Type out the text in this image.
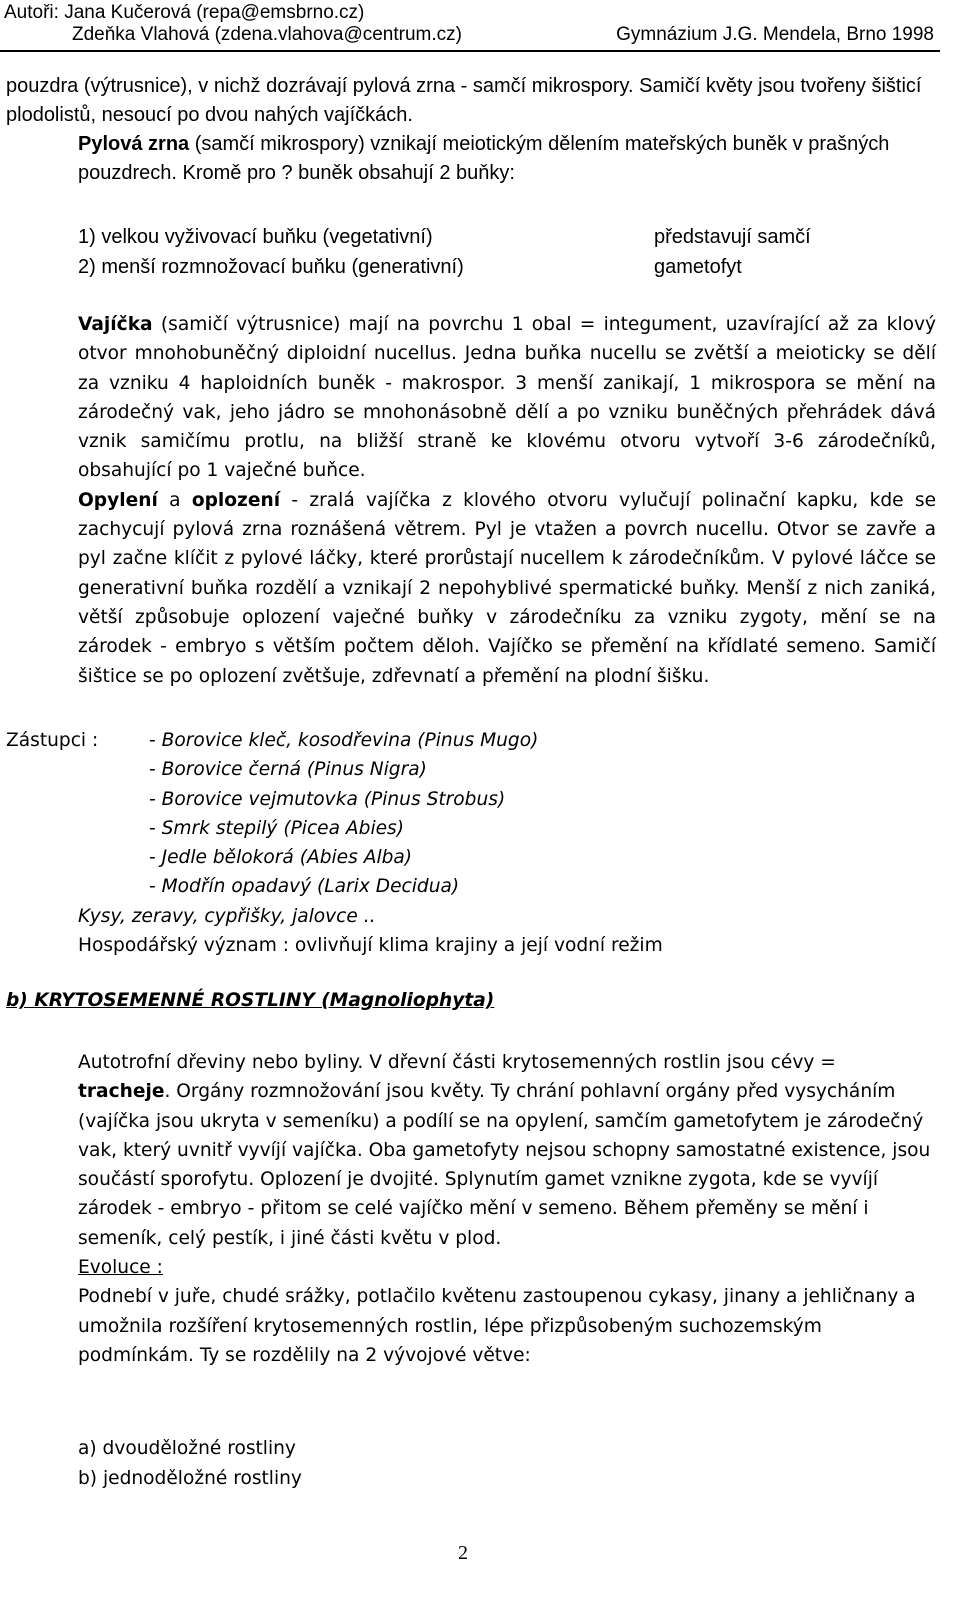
Autoři: Jana Kučerová (repa@emsbrno.cz)
Zdeňka Vlahová (zdena.vlahova@centrum.cz)	Gymnázium J.G. Mendela, Brno 1998

pouzdra (výtrusnice), v nichž dozrávají pylová zrna - samčí mikrospory. Samičí květy jsou tvořeny šišticí plodolistů, nesoucí po dvou nahých vajíčkách.

Pylová zrna (samčí mikrospory) vznikají meiotickým dělením mateřských buněk v prašných pouzdrech. Kromě pro ? buněk obsahují 2 buňky:

1) velkou vyživovací buňku (vegetativní)
2) menší rozmnožovací buňku (generativní)
představují samčí
gametofyt

Vajíčka (samičí výtrusnice) mají na povrchu 1 obal = integument, uzavírající až za klový otvor mnohobuněčný diploidní nucellus. Jedna buňka nucellu se zvětší a meioticky se dělí za vzniku 4 haploidních buněk - makrospor. 3 menší zanikají, 1 mikrospora se mění na zárodečný vak, jeho jádro se mnohonásobně dělí a po vzniku buněčných přehrádek dává vznik samičímu protlu, na bližší straně ke klovému otvoru vytvoří 3-6 zárodečníků, obsahující po 1 vaječné buňce.

Opylení a oplození - zralá vajíčka z klového otvoru vylučují polinační kapku, kde se zachycují pylová zrna roznášená větrem. Pyl je vtažen a povrch nucellu. Otvor se zavře a pyl začne klíčit z pylové láčky, které prorůstají nucellem k zárodečníkům. V pylové láčce se generativní buňka rozdělí a vznikají 2 nepohyblivé spermatické buňky. Menší z nich zaniká, větší způsobuje oplození vaječné buňky v zárodečníku za vzniku zygoty, mění se na zárodek - embryo s větším počtem děloh. Vajíčko se přemění na křídlaté semeno. Samičí šištice se po oplození zvětšuje, zdřevnatí a přemění na plodní šišku.

Zástupci :	- Borovice kleč, kosodřevina (Pinus Mugo)
- Borovice černá (Pinus Nigra)
- Borovice vejmutovka (Pinus Strobus)
- Smrk stepilý (Picea Abies)
- Jedle bělokorá (Abies Alba)
- Modřín opadavý (Larix Decidua)
Kysy, zeravy, cypřišky, jalovce ..
Hospodářský význam : ovlivňují klima krajiny a její vodní režim
b) KRYTOSEMENNÉ ROSTLINY (Magnoliophyta)

Autotrofní dřeviny nebo byliny. V dřevní části krytosemenných rostlin jsou cévy = tracheje. Orgány rozmnožování jsou květy. Ty chrání pohlavní orgány před vysycháním (vajíčka jsou ukryta v semeníku) a podílí se na opylení, samčím gametofytem je zárodečný vak, který uvnitř vyvíjí vajíčka. Oba gametofyty nejsou schopny samostatné existence, jsou součástí sporofytu. Oplození je dvojité. Splynutím gamet vznikne zygota, kde se vyvíjí zárodek - embryo - přitom se celé vajíčko mění v semeno. Během přeměny se mění i semeník, celý pestík, i jiné části květu v plod.

Evoluce :

Podnebí v juře, chudé srážky, potlačilo květenu zastoupenou cykasy, jinany a jehličnany a umožnila rozšíření krytosemenných rostlin, lépe přizpůsobeným suchozemským podmínkám. Ty se rozdělily na 2 vývojové větve:

a) dvouděložné rostliny
b) jednoděložné rostliny
2
